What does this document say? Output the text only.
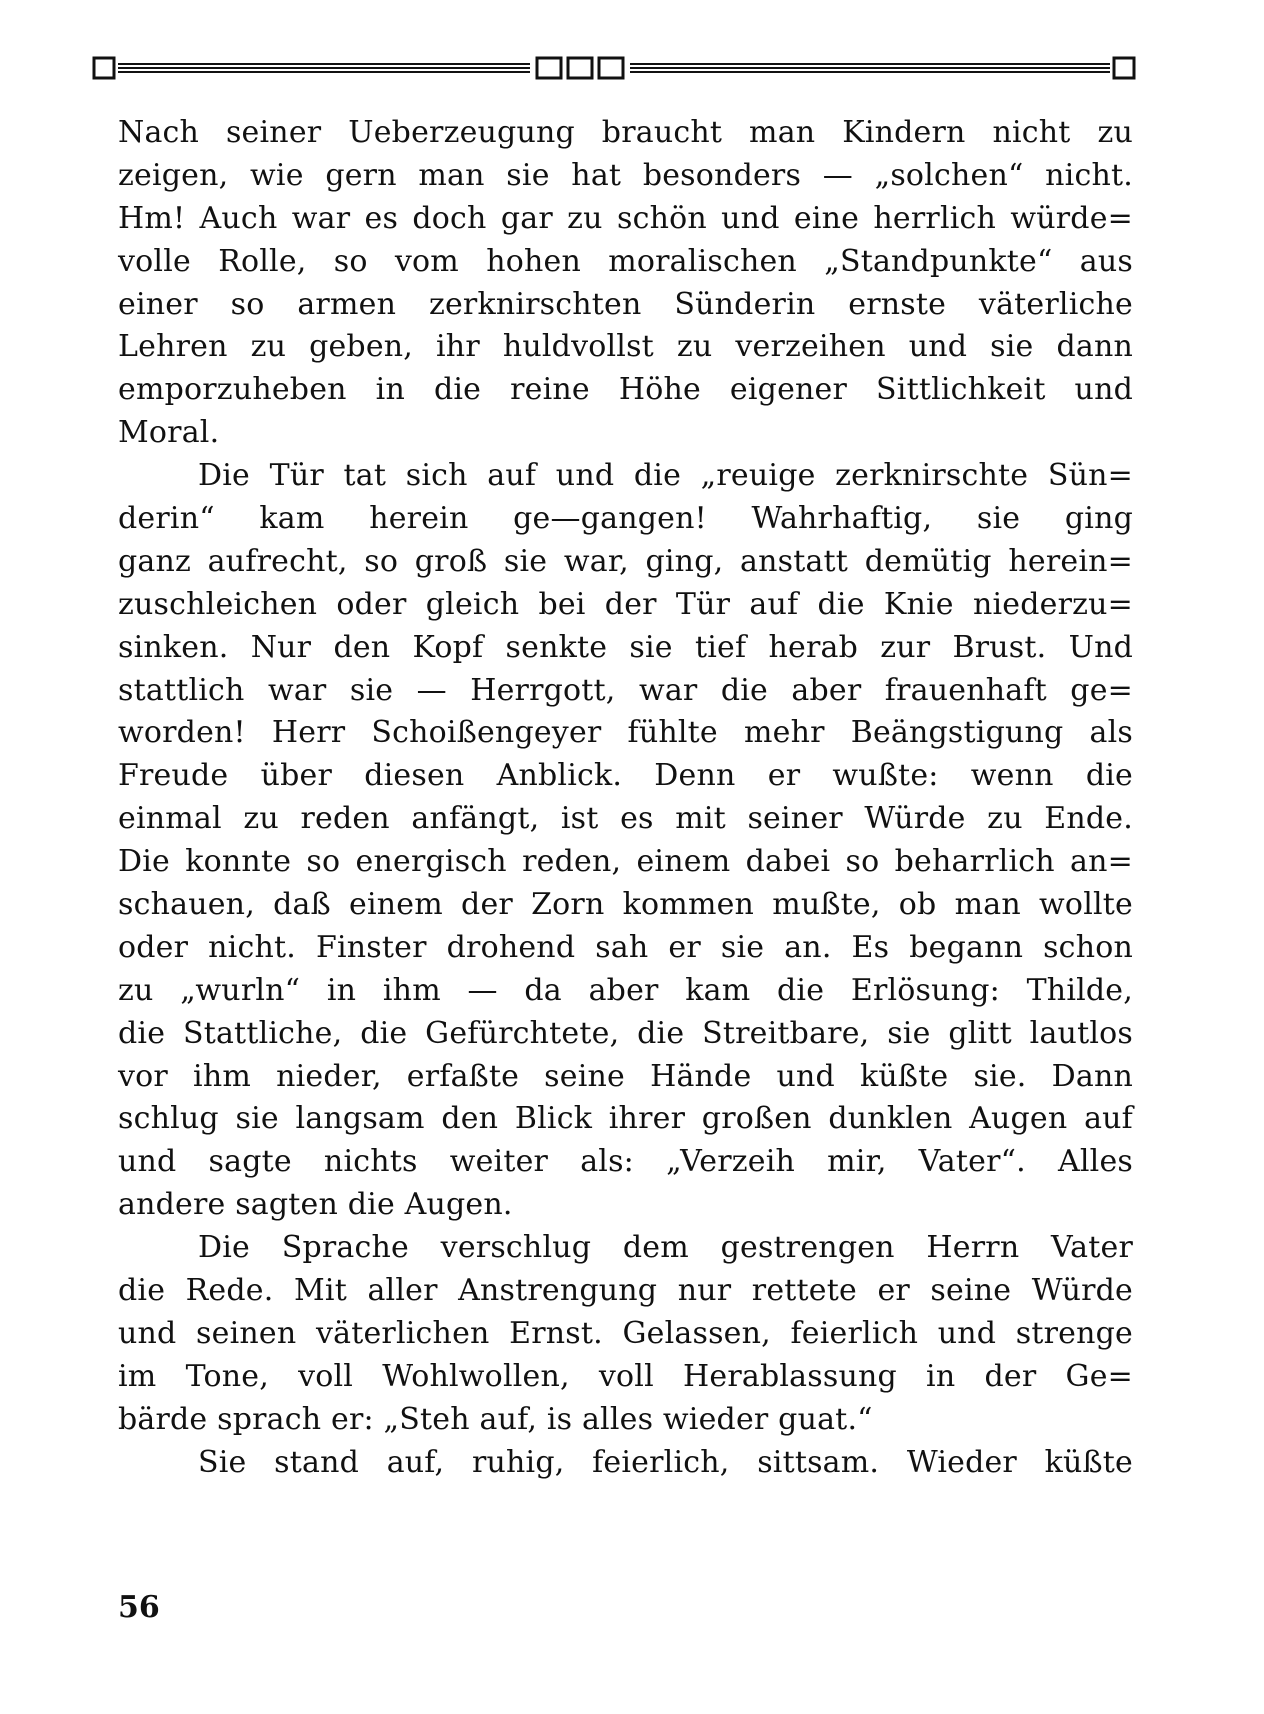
Nach seiner Ueberzeugung braucht man Kindern nicht zu
zeigen, wie gern man sie hat besonders — „solchen“ nicht.
Hm! Auch war es doch gar zu schön und eine herrlich würde=
volle Rolle, so vom hohen moralischen „Standpunkte“ aus
einer so armen zerknirschten Sünderin ernste väterliche
Lehren zu geben, ihr huldvollst zu verzeihen und sie dann
emporzuheben in die reine Höhe eigener Sittlichkeit und
Moral.
Die Tür tat sich auf und die „reuige zerknirschte Sün=
derin“ kam herein ge—gangen! Wahrhaftig, sie ging
ganz aufrecht, so groß sie war, ging, anstatt demütig herein=
zuschleichen oder gleich bei der Tür auf die Knie niederzu=
sinken. Nur den Kopf senkte sie tief herab zur Brust. Und
stattlich war sie — Herrgott, war die aber frauenhaft ge=
worden! Herr Schoißengeyer fühlte mehr Beängstigung als
Freude über diesen Anblick. Denn er wußte: wenn die
einmal zu reden anfängt, ist es mit seiner Würde zu Ende.
Die konnte so energisch reden, einem dabei so beharrlich an=
schauen, daß einem der Zorn kommen mußte, ob man wollte
oder nicht. Finster drohend sah er sie an. Es begann schon
zu „wurln“ in ihm — da aber kam die Erlösung: Thilde,
die Stattliche, die Gefürchtete, die Streitbare, sie glitt lautlos
vor ihm nieder, erfaßte seine Hände und küßte sie. Dann
schlug sie langsam den Blick ihrer großen dunklen Augen auf
und sagte nichts weiter als: „Verzeih mir, Vater“. Alles
andere sagten die Augen.
Die Sprache verschlug dem gestrengen Herrn Vater
die Rede. Mit aller Anstrengung nur rettete er seine Würde
und seinen väterlichen Ernst. Gelassen, feierlich und strenge
im Tone, voll Wohlwollen, voll Herablassung in der Ge=
bärde sprach er: „Steh auf, is alles wieder guat.“
Sie stand auf, ruhig, feierlich, sittsam. Wieder küßte
56
